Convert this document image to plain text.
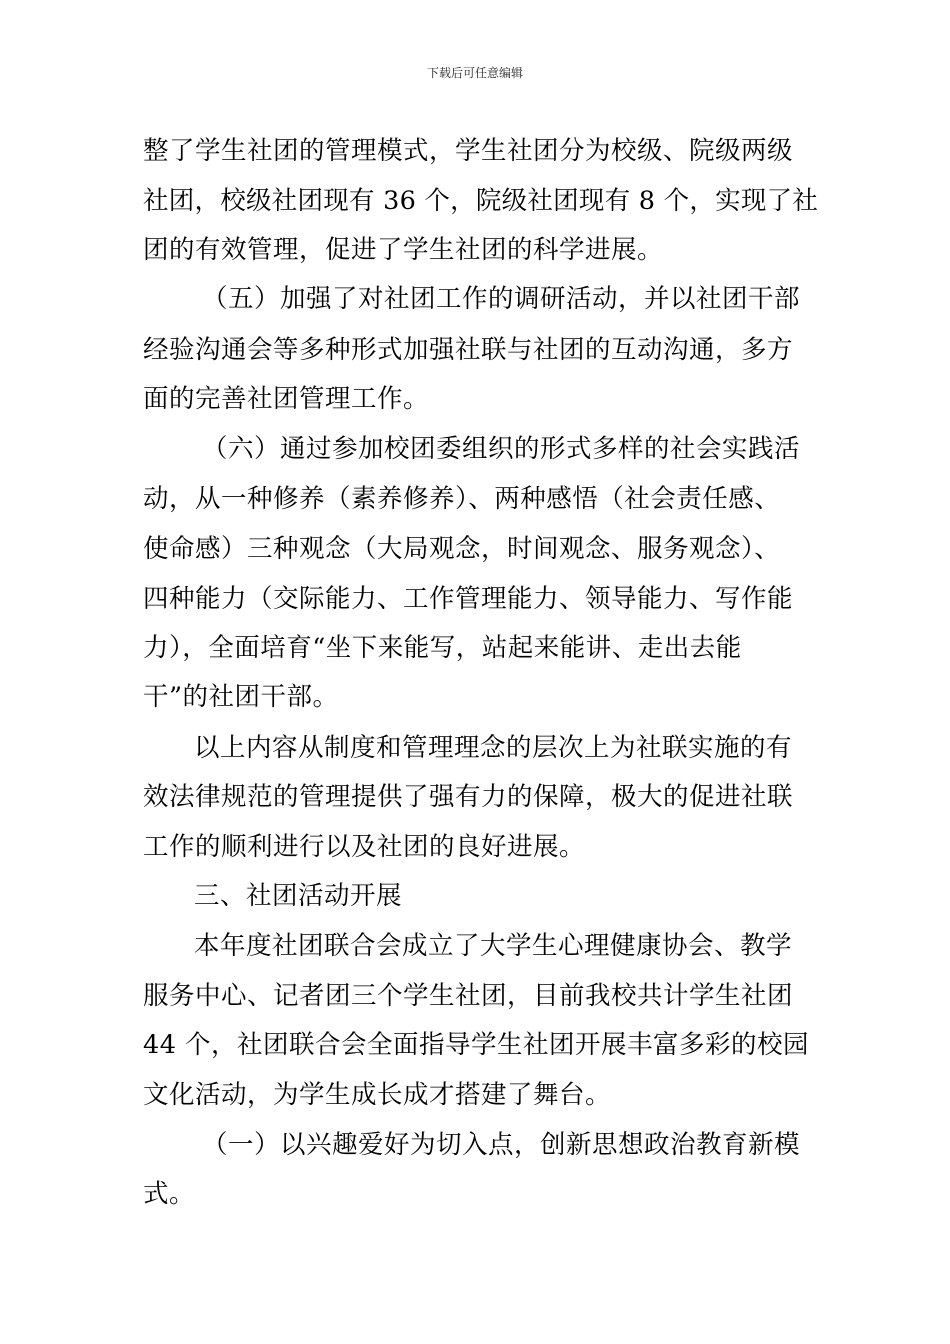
下载后可任意编辑
整了学生社团的管理模式，学生社团分为校级、院级两级
社团，校级社团现有 36 个，院级社团现有 8 个，实现了社
团的有效管理，促进了学生社团的科学进展。
（五）加强了对社团工作的调研活动，并以社团干部
经验沟通会等多种形式加强社联与社团的互动沟通，多方
面的完善社团管理工作。
（六）通过参加校团委组织的形式多样的社会实践活
动，从一种修养（素养修养）、两种感悟（社会责任感、
使命感）三种观念（大局观念，时间观念、服务观念）、
四种能力（交际能力、工作管理能力、领导能力、写作能
力），全面培育“坐下来能写，站起来能讲、走出去能
干”的社团干部。
以上内容从制度和管理理念的层次上为社联实施的有
效法律规范的管理提供了强有力的保障，极大的促进社联
工作的顺利进行以及社团的良好进展。
三、社团活动开展
本年度社团联合会成立了大学生心理健康协会、教学
服务中心、记者团三个学生社团，目前我校共计学生社团
44 个，社团联合会全面指导学生社团开展丰富多彩的校园
文化活动，为学生成长成才搭建了舞台。
（一）以兴趣爱好为切入点，创新思想政治教育新模
式。
